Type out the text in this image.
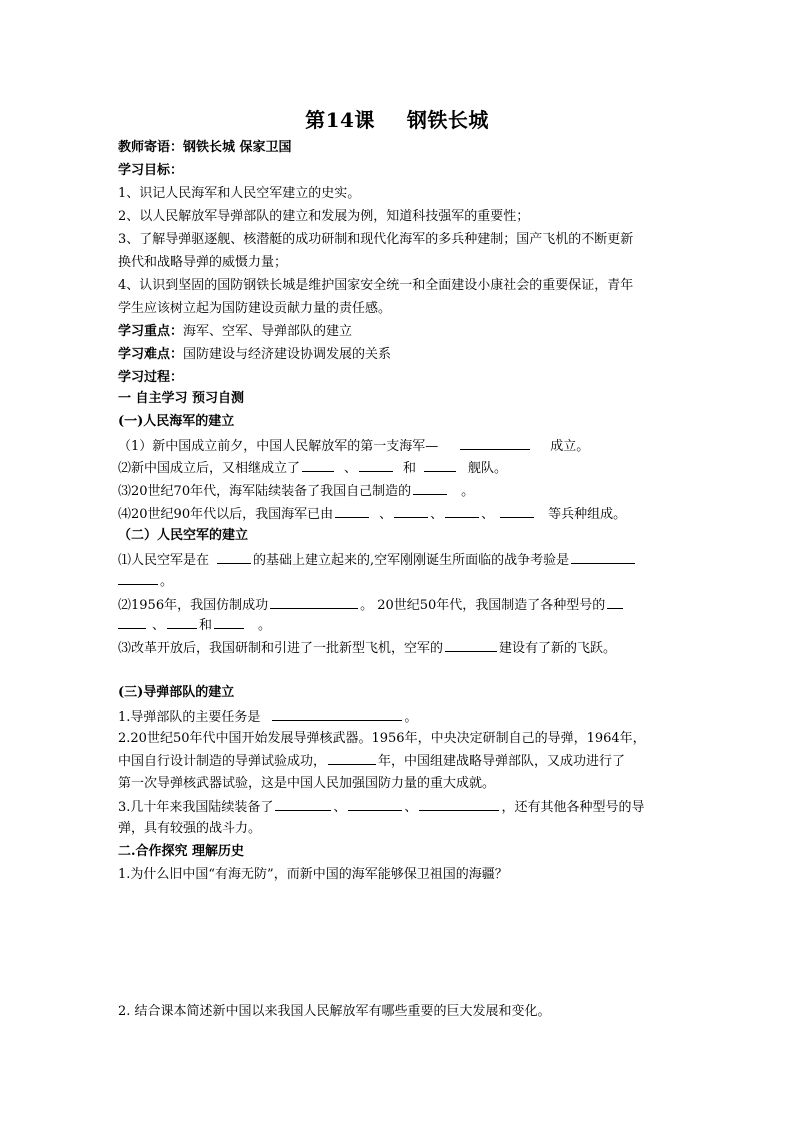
第14课 钢铁长城
教师寄语：钢铁长城 保家卫国
学习目标：
1、识记人民海军和人民空军建立的史实。
2、以人民解放军导弹部队的建立和发展为例，知道科技强军的重要性；
3、了解导弹驱逐舰、核潜艇的成功研制和现代化海军的多兵种建制；国产飞机的不断更新
换代和战略导弹的威慑力量；
4、认识到坚固的国防钢铁长城是维护国家安全统一和全面建设小康社会的重要保证，青年
学生应该树立起为国防建设贡献力量的责任感。
学习重点：海军、空军、导弹部队的建立
学习难点：国防建设与经济建设协调发展的关系
学习过程：
一 自主学习 预习自测
(一)人民海军的建立
（1）新中国成立前夕，中国人民解放军的第一支海军—	成立。
⑵新中国成立后，又相继成立了	、	和	舰队。
⑶20世纪70年代，海军陆续装备了我国自己制造的	。
⑷20世纪90年代以后，我国海军已由	、	、	、	等兵种组成。
（二）人民空军的建立
⑴人民空军是在	的基础上建立起来的,空军刚刚诞生所面临的战争考验是
。
⑵1956年，我国仿制成功	。 20世纪50年代，我国制造了各种型号的
、	和	。
⑶改革开放后，我国研制和引进了一批新型飞机，空军的	建设有了新的飞跃。
(三)导弹部队的建立
1.导弹部队的主要任务是	。
2.20世纪50年代中国开始发展导弹核武器。1956年，中央决定研制自己的导弹，1964年，
中国自行设计制造的导弹试验成功，	年，中国组建战略导弹部队，又成功进行了
第一次导弹核武器试验，这是中国人民加强国防力量的重大成就。
3.几十年来我国陆续装备了	、	、	，还有其他各种型号的导
弹，具有较强的战斗力。
二.合作探究 理解历史
1.为什么旧中国“有海无防”，而新中国的海军能够保卫祖国的海疆？
2. 结合课本简述新中国以来我国人民解放军有哪些重要的巨大发展和变化。
